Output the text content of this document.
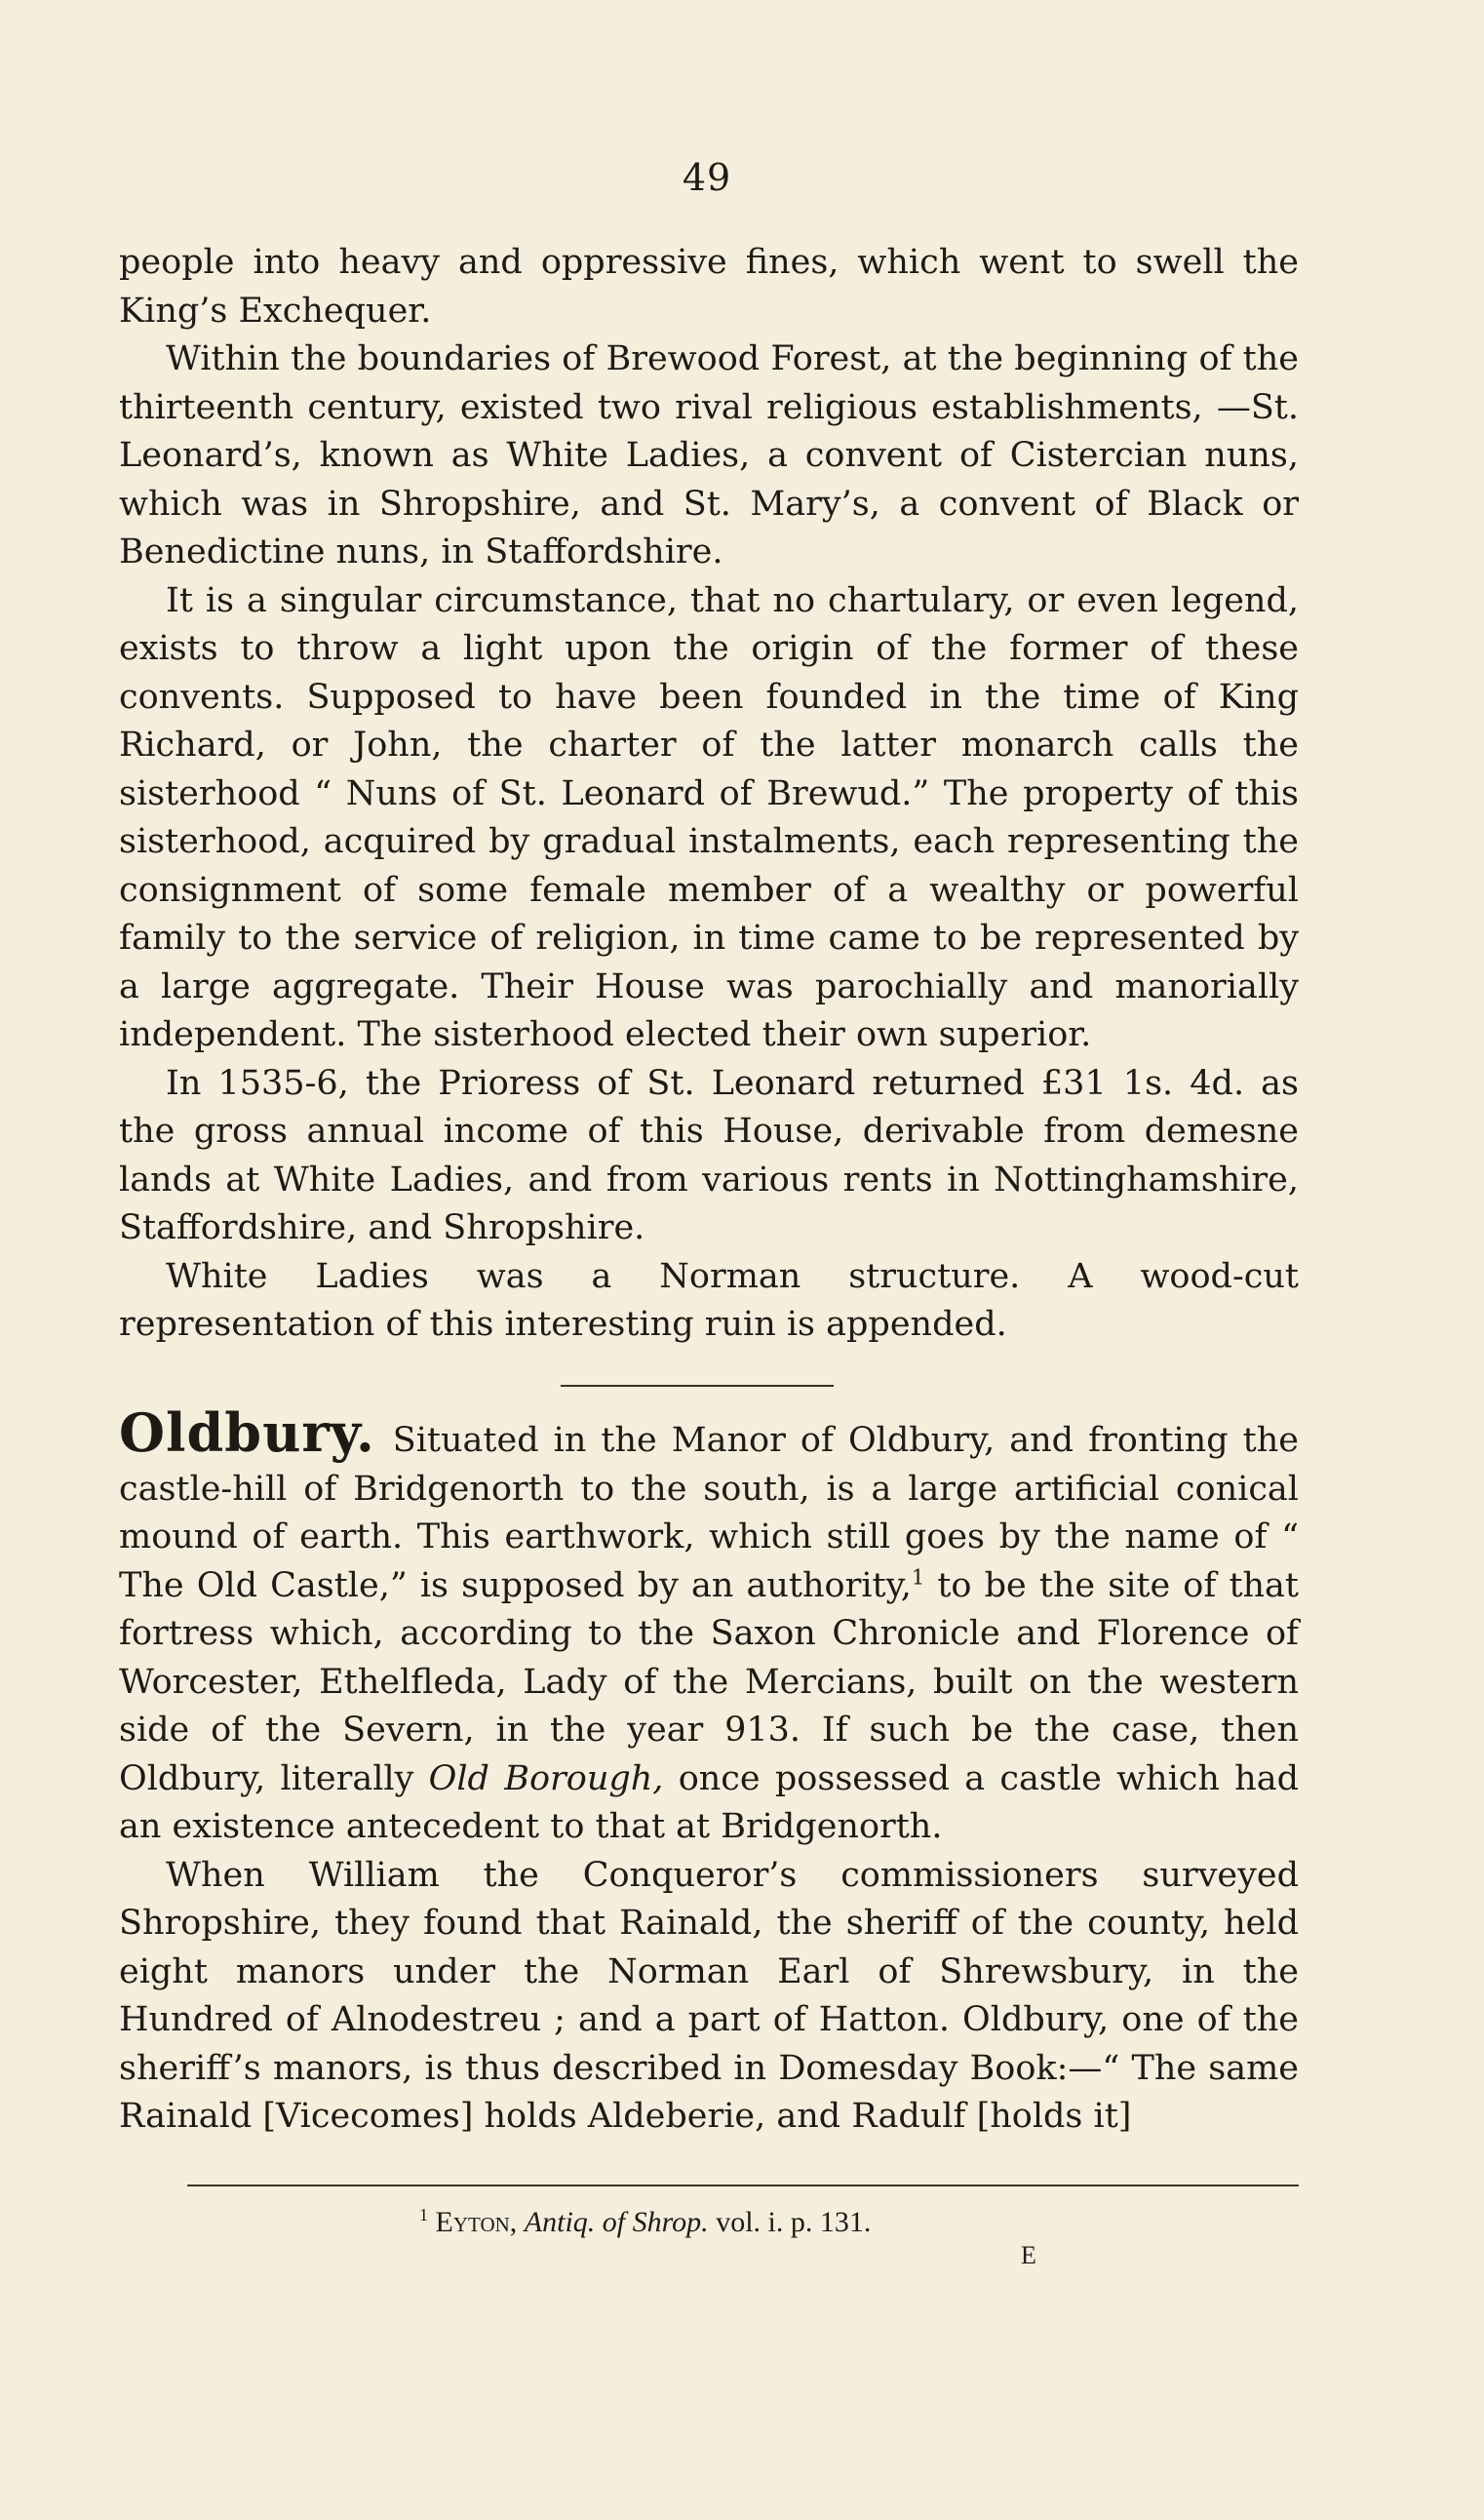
49

people into heavy and oppressive fines, which went to swell the King’s Exchequer.

Within the boundaries of Brewood Forest, at the beginning of the thirteenth century, existed two rival religious establishments, —St. Leonard’s, known as White Ladies, a convent of Cistercian nuns, which was in Shropshire, and St. Mary’s, a convent of Black or Benedictine nuns, in Staffordshire.

It is a singular circumstance, that no chartulary, or even legend, exists to throw a light upon the origin of the former of these convents. Supposed to have been founded in the time of King Richard, or John, the charter of the latter monarch calls the sisterhood “ Nuns of St. Leonard of Brewud.” The property of this sisterhood, acquired by gradual instalments, each representing the consignment of some female member of a wealthy or powerful family to the service of religion, in time came to be represented by a large aggregate. Their House was parochially and manorially independent. The sisterhood elected their own superior.

In 1535-6, the Prioress of St. Leonard returned £31 1s. 4d. as the gross annual income of this House, derivable from demesne lands at White Ladies, and from various rents in Nottinghamshire, Staffordshire, and Shropshire.

White Ladies was a Norman structure. A wood-cut representation of this interesting ruin is appended.

Oldbury. Situated in the Manor of Oldbury, and fronting the castle-hill of Bridgenorth to the south, is a large artificial conical mound of earth. This earthwork, which still goes by the name of “ The Old Castle,” is supposed by an authority,$^1$ to be the site of that fortress which, according to the Saxon Chronicle and Florence of Worcester, Ethelfleda, Lady of the Mercians, built on the western side of the Severn, in the year 913. If such be the case, then Oldbury, literally Old Borough, once possessed a castle which had an existence antecedent to that at Bridgenorth.

When William the Conqueror’s commissioners surveyed Shropshire, they found that Rainald, the sheriff of the county, held eight manors under the Norman Earl of Shrewsbury, in the Hundred of Alnodestreu ; and a part of Hatton. Oldbury, one of the sheriff’s manors, is thus described in Domesday Book:—“ The same Rainald [Vicecomes] holds Aldeberie, and Radulf [holds it]

$^1$ Eyton, Antiq. of Shrop. vol. i. p. 131.
E
